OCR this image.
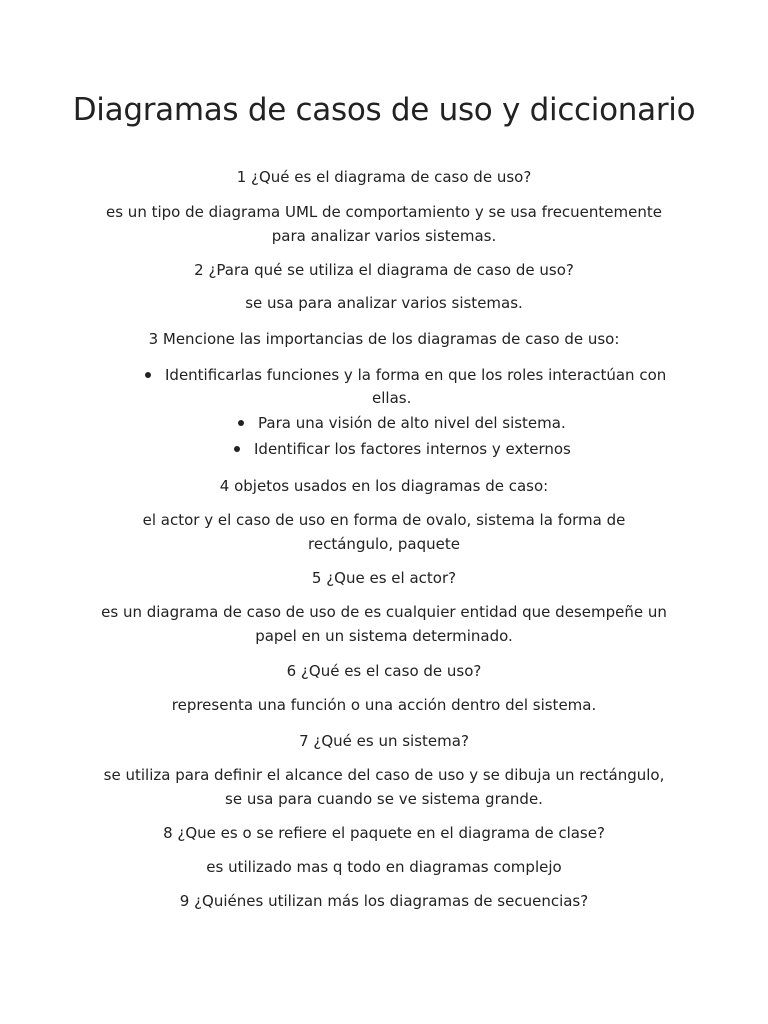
Diagramas de casos de uso y diccionario
1 ¿Qué es el diagrama de caso de uso?
es un tipo de diagrama UML de comportamiento y se usa frecuentemente
para analizar varios sistemas.
2 ¿Para qué se utiliza el diagrama de caso de uso?
se usa para analizar varios sistemas.
3 Mencione las importancias de los diagramas de caso de uso:
Identificarlas funciones y la forma en que los roles interactúan con
ellas.
Para una visión de alto nivel del sistema.
Identificar los factores internos y externos
4 objetos usados en los diagramas de caso:
el actor y el caso de uso en forma de ovalo, sistema la forma de
rectángulo, paquete
5 ¿Que es el actor?
es un diagrama de caso de uso de es cualquier entidad que desempeñe un
papel en un sistema determinado.
6 ¿Qué es el caso de uso?
representa una función o una acción dentro del sistema.
7 ¿Qué es un sistema?
se utiliza para definir el alcance del caso de uso y se dibuja un rectángulo,
se usa para cuando se ve sistema grande.
8 ¿Que es o se refiere el paquete en el diagrama de clase?
es utilizado mas q todo en diagramas complejo
9 ¿Quiénes utilizan más los diagramas de secuencias?
